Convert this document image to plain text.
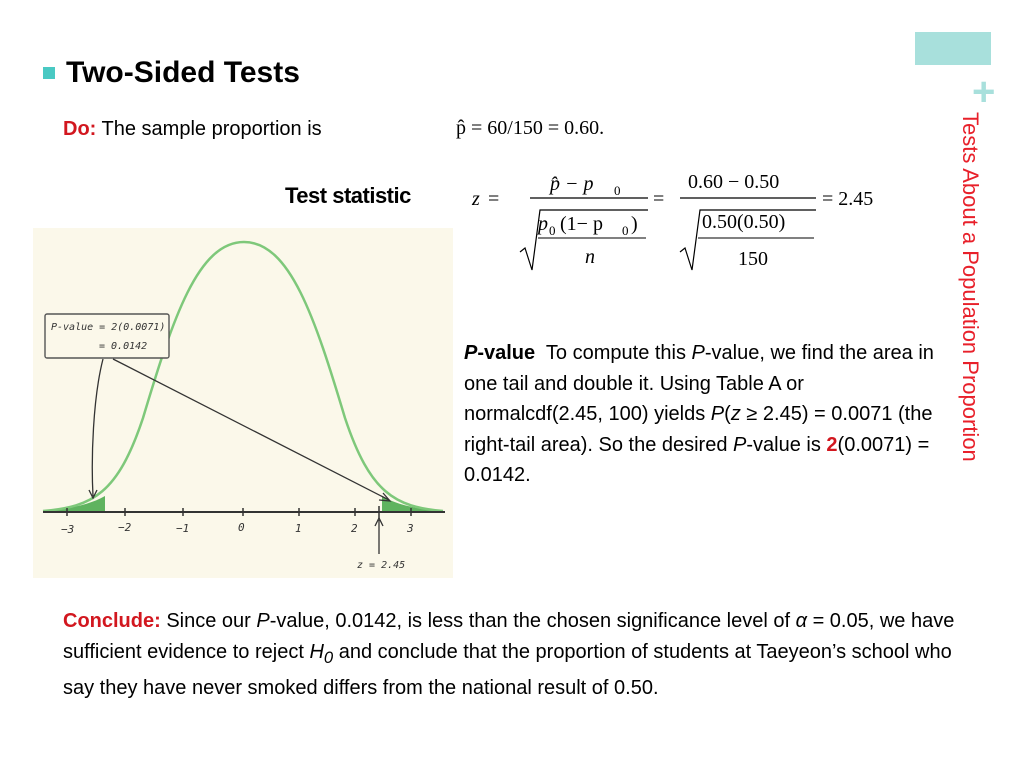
+
Tests About a Population Proportion
Two-Sided Tests
Do: The sample proportion is	p̂ = 60/150 = 0.60.
Test statistic	z =
p̂ − p 0
p 0 (1− p 0 )
n
=
0.60 − 0.50
0.50(0.50)
150
= 2.45
−3	−2	−1	0	1	2	3
z = 2.45
P-value = 2(0.0071)
= 0.0142	P-value To compute this P-value, we find the area in one tail and double it. Using Table A or normalcdf(2.45, 100) yields P(z ≥ 2.45) = 0.0071 (the right-tail area). So the desired P-value is 2(0.0071) = 0.0142.
Conclude: Since our P-value, 0.0142, is less than the chosen significance level of α = 0.05, we have sufficient evidence to reject $H_0$ and conclude that the proportion of students at Taeyeon’s school who say they have never smoked differs from the national result of 0.50.
